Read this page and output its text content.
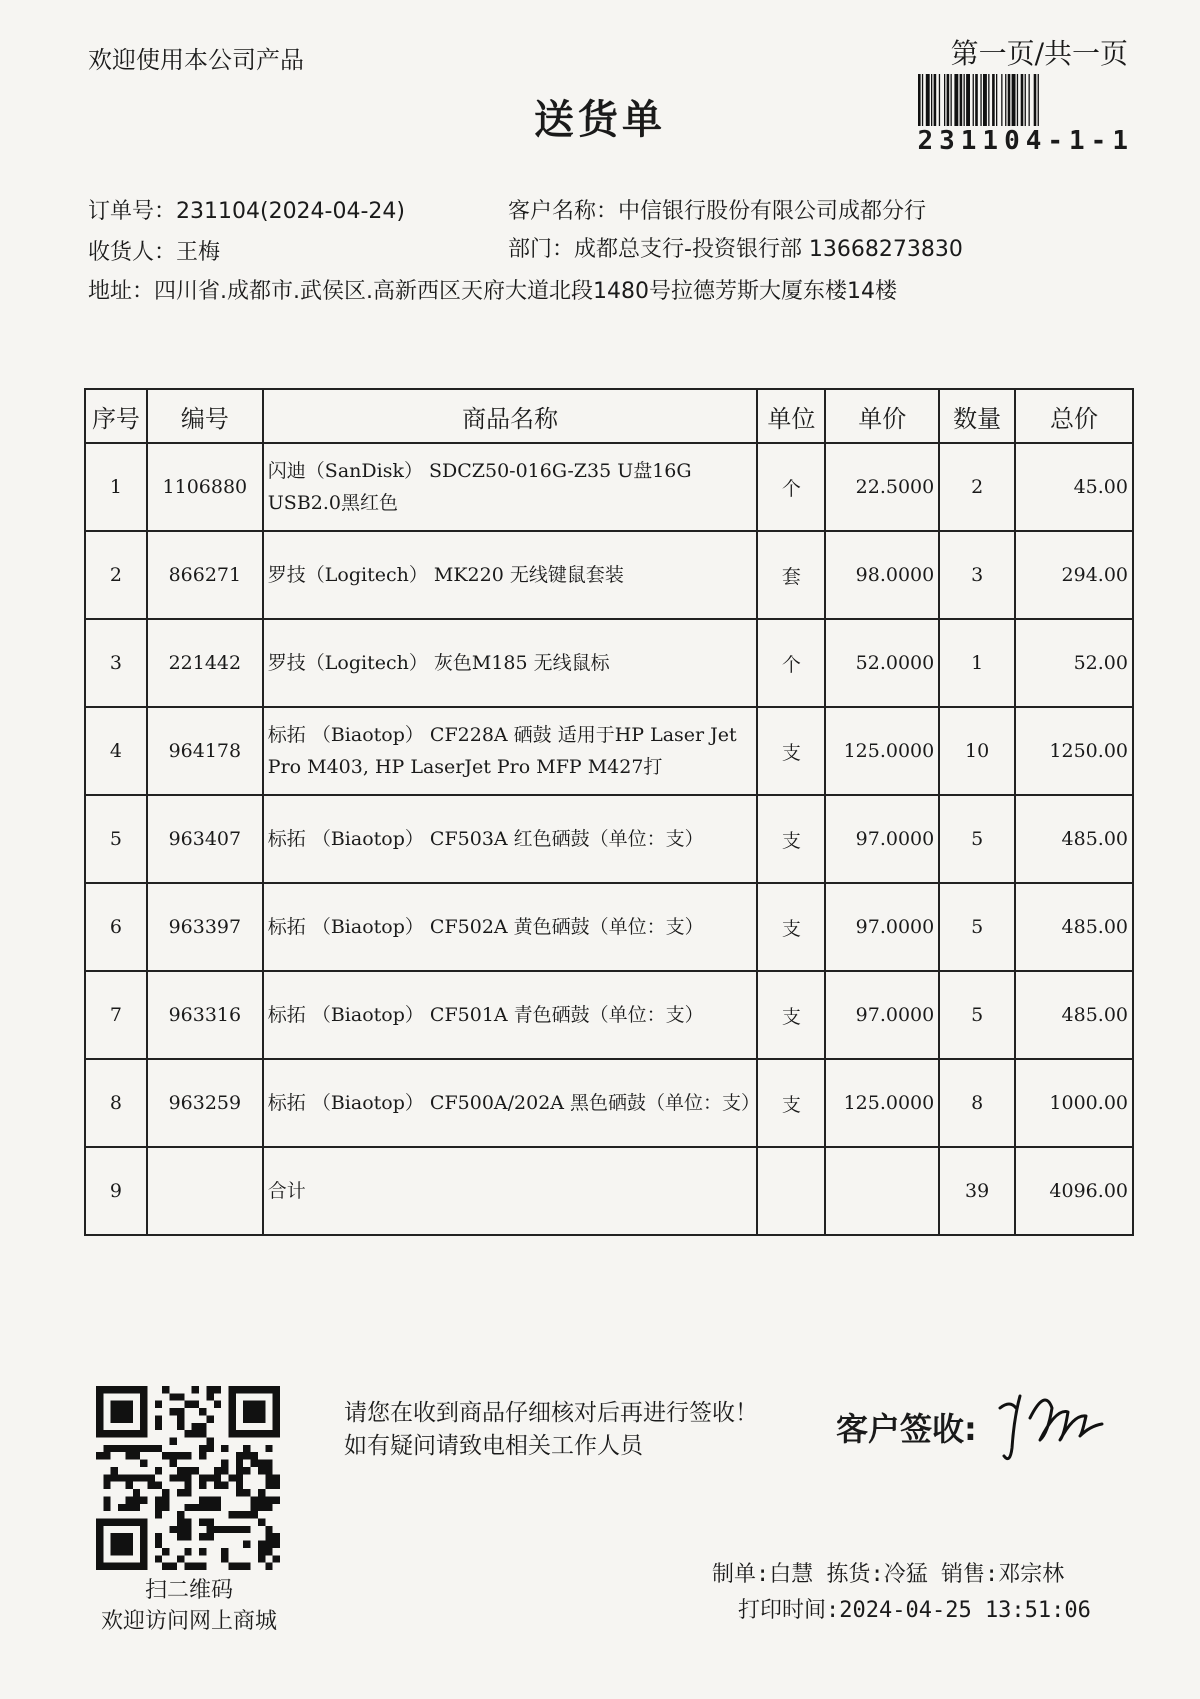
欢迎使用本公司产品	第一页/共一页
231104-1-1
送货单
订单号：231104(2024-04-24)	客户名称：中信银行股份有限公司成都分行
收货人：王梅	部门：成都总支行-投资银行部 13668273830
地址：四川省.成都市.武侯区.高新西区天府大道北段1480号拉德芳斯大厦东楼14楼
序号	编号	商品名称	单位	单价	数量	总价
1	1106880	闪迪（SanDisk） SDCZ50-016G-Z35 U盘16G USB2.0黑红色	个	22.5000	2	45.00
2	866271	罗技（Logitech） MK220 无线键鼠套装	套	98.0000	3	294.00
3	221442	罗技（Logitech） 灰色M185 无线鼠标	个	52.0000	1	52.00
4	964178	标拓 （Biaotop） CF228A 硒鼓 适用于HP Laser Jet Pro M403, HP LaserJet Pro MFP M427打	支	125.0000	10	1250.00
5	963407	标拓 （Biaotop） CF503A 红色硒鼓（单位：支）	支	97.0000	5	485.00
6	963397	标拓 （Biaotop） CF502A 黄色硒鼓（单位：支）	支	97.0000	5	485.00
7	963316	标拓 （Biaotop） CF501A 青色硒鼓（单位：支）	支	97.0000	5	485.00
8	963259	标拓 （Biaotop） CF500A/202A 黑色硒鼓（单位：支）	支	125.0000	8	1000.00
9		合计			39	4096.00
扫二维码
欢迎访问网上商城
请您在收到商品仔细核对后再进行签收！如有疑问请致电相关工作人员	客户签收:
制单:白慧 拣货:冷猛 销售:邓宗林
打印时间:2024-04-25 13:51:06
